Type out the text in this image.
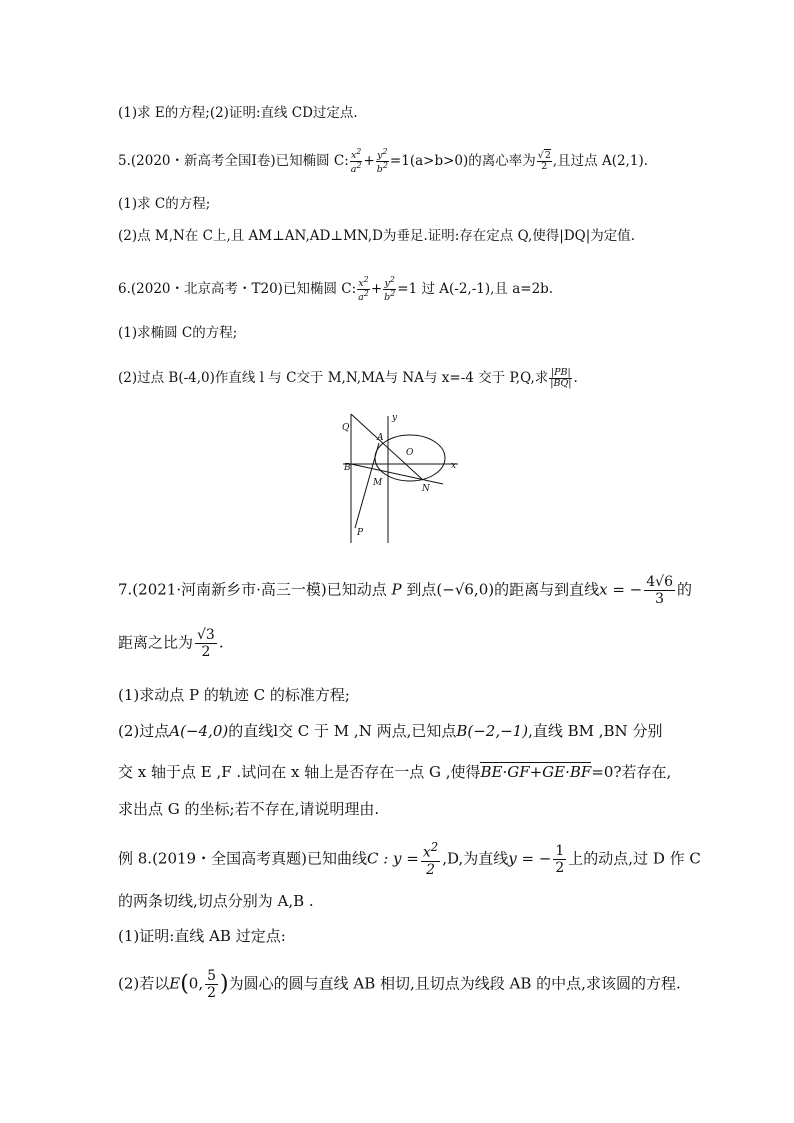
(1)求 E的方程;(2)证明:直线 CD过定点.
5.(2020・新高考全国Ⅰ卷)已知椭圆 C: $\frac{x^2}{a^2} + \frac{y^2}{b^2} =1(a>b>0)$的离心率为 $\frac{√2}{2}$ ,且过点 A(2,1).
(1)求 C的方程;
(2)点 M,N在 C上,且 AM⊥AN,AD⊥MN,D为垂足.证明:存在定点 Q,使得|DQ|为定值.
6.(2020・北京高考・T20)已知椭圆 C: $\frac{x^2}{a^2} + \frac{y^2}{b^2} =1$ 过 A(-2,-1),且 a=2b.
(1)求椭圆 C的方程;
(2)过点 B(-4,0)作直线 l 与 C交于 M,N,MA与 NA与 x=-4 交于 P,Q,求 $\frac{|PB|}{|BQ|}$ .
Q
A
y
O
B	x
M
N
P
7.(2021·河南新乡市·高三一模)已知动点 P 到点(−√6,0)的距离与到直线x = − $\frac{4√6}{3}$ 的
距离之比为 $\frac{√3}{2}$ .
(1)求动点 P 的轨迹 C 的标准方程;
(2)过点A(−4,0)的直线l交 C 于 M ,N 两点,已知点B(−2,−1),直线 BM ,BN 分别
交 x 轴于点 E ,F .试问在 x 轴上是否存在一点 G ,使得BE·GF+GE·BF=0?若存在,
求出点 G 的坐标;若不存在,请说明理由.
例 8.(2019・全国高考真题)已知曲线C : $y = \frac{x^2}{2} ,D$,为直线y = − $\frac{1}{2}$ 上的动点,过 D 作 C
的两条切线,切点分别为 A,B .
(1)证明:直线 AB 过定点:
(2)若以E(0, $\frac{5}{2}$ )为圆心的圆与直线 AB 相切,且切点为线段 AB 的中点,求该圆的方程.
